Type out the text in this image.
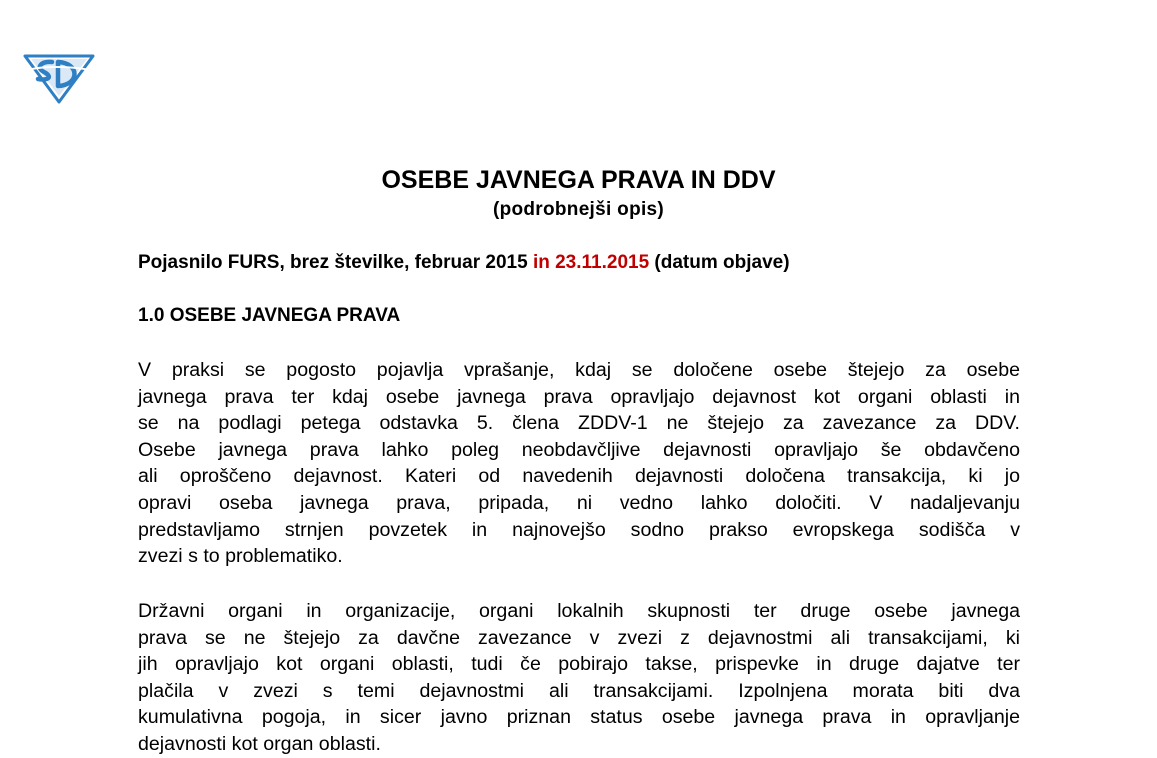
OSEBE JAVNEGA PRAVA IN DDV
(podrobnejši opis)
Pojasnilo FURS, brez številke, februar 2015 in 23.11.2015 (datum objave)
1.0 OSEBE JAVNEGA PRAVA
V praksi se pogosto pojavlja vprašanje, kdaj se določene osebe štejejo za osebe
javnega prava ter kdaj osebe javnega prava opravljajo dejavnost kot organi oblasti in
se na podlagi petega odstavka 5. člena ZDDV-1 ne štejejo za zavezance za DDV.
Osebe javnega prava lahko poleg neobdavčljive dejavnosti opravljajo še obdavčeno
ali oproščeno dejavnost. Kateri od navedenih dejavnosti določena transakcija, ki jo
opravi oseba javnega prava, pripada, ni vedno lahko določiti. V nadaljevanju
predstavljamo strnjen povzetek in najnovejšo sodno prakso evropskega sodišča v
zvezi s to problematiko.
Državni organi in organizacije, organi lokalnih skupnosti ter druge osebe javnega
prava se ne štejejo za davčne zavezance v zvezi z dejavnostmi ali transakcijami, ki
jih opravljajo kot organi oblasti, tudi če pobirajo takse, prispevke in druge dajatve ter
plačila v zvezi s temi dejavnostmi ali transakcijami. Izpolnjena morata biti dva
kumulativna pogoja, in sicer javno priznan status osebe javnega prava in opravljanje
dejavnosti kot organ oblasti.
